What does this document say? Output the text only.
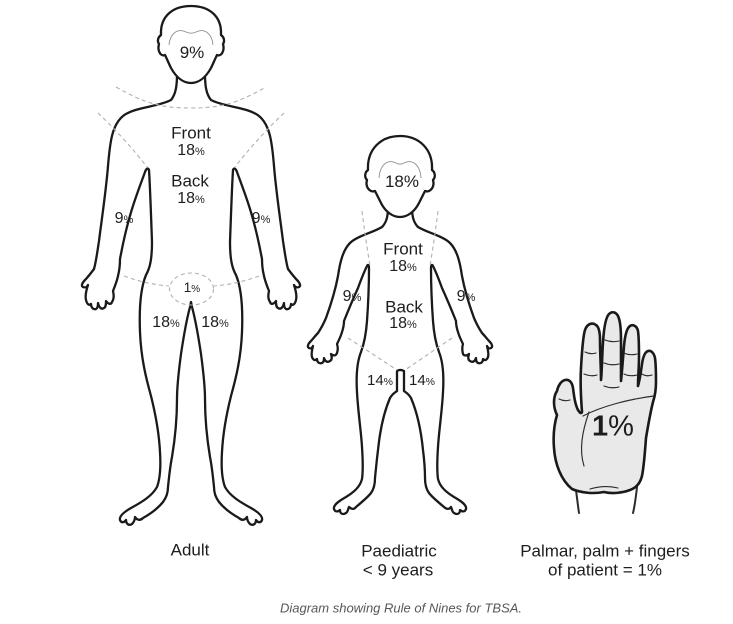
9%
Front
18%
Back
18%
9%	9%
1%
18% 18%
Adult
18%
Front
18%
Back
18%
9%	9%
14% 14%
Paediatric
< 9 years
1%
Palmar, palm + fingers
of patient = 1%
Diagram showing Rule of Nines for TBSA.
